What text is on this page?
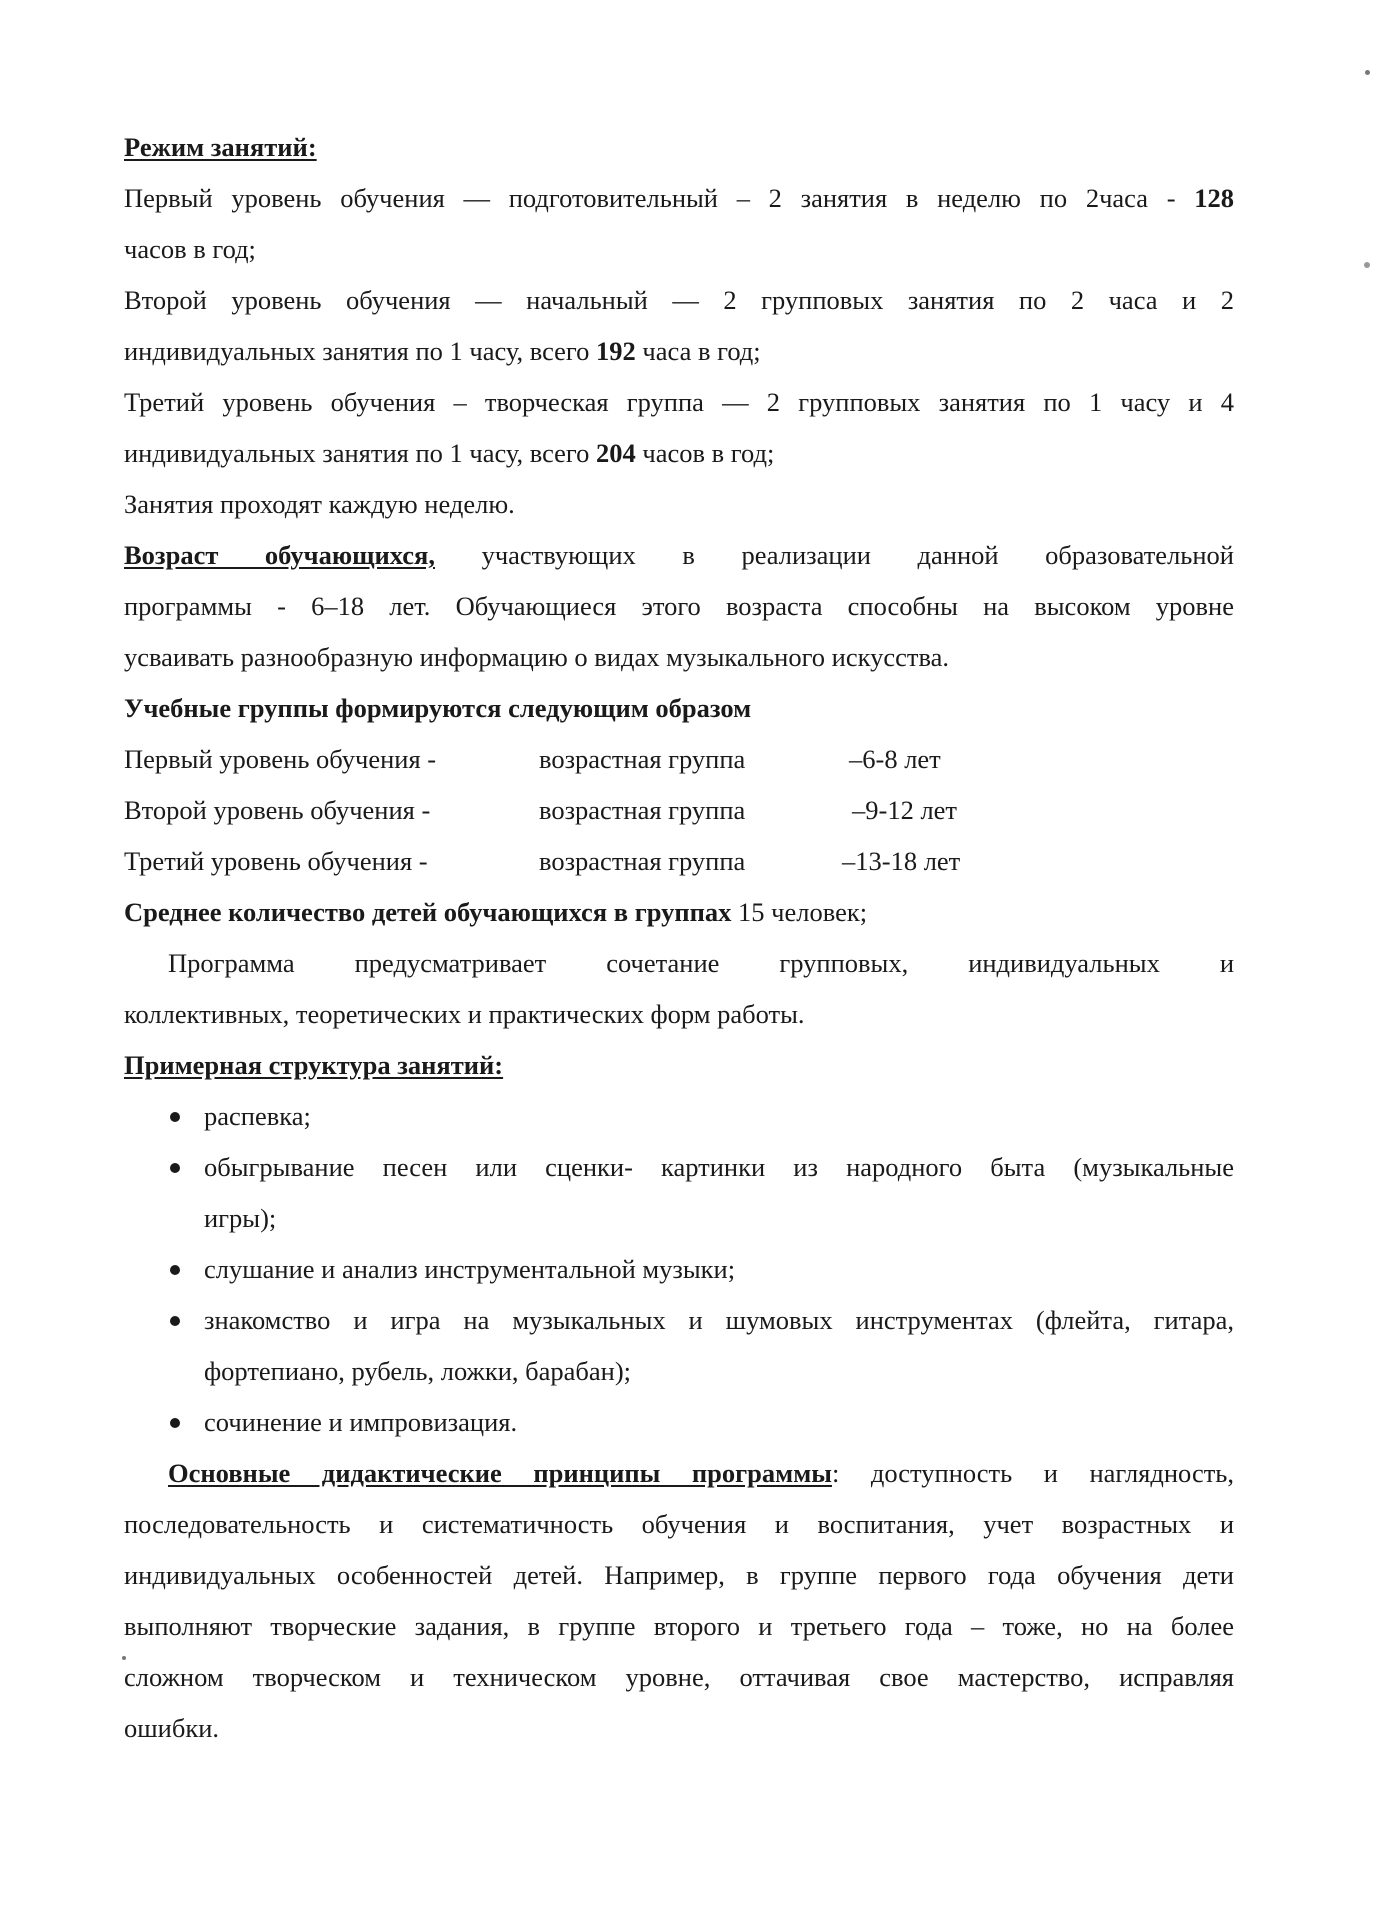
Режим занятий:
Первый уровень обучения — подготовительный – 2 занятия в неделю по 2часа - 128
часов в год;
Второй уровень обучения — начальный — 2 групповых занятия по 2 часа и 2
индивидуальных занятия по 1 часу, всего 192 часа в год;
Третий уровень обучения – творческая группа — 2 групповых занятия по 1 часу и 4
индивидуальных занятия по 1 часу, всего 204 часов в год;
Занятия проходят каждую неделю.
Возраст обучающихся, участвующих в реализации данной образовательной
программы - 6–18 лет. Обучающиеся этого возраста способны на высоком уровне
усваивать разнообразную информацию о видах музыкального искусства.
Учебные группы формируются следующим образом
Первый уровень обучения -	возрастная группа	–6-8 лет
Второй уровень обучения -	возрастная группа	–9-12 лет
Третий уровень обучения -	возрастная группа	–13-18 лет
Среднее количество детей обучающихся в группах 15 человек;
Программа предусматривает сочетание групповых, индивидуальных и
коллективных, теоретических и практических форм работы.
Примерная структура занятий:
распевка;
обыгрывание песен или сценки- картинки из народного быта (музыкальные
игры);
слушание и анализ инструментальной музыки;
знакомство и игра на музыкальных и шумовых инструментах (флейта, гитара,
фортепиано, рубель, ложки, барабан);
сочинение и импровизация.
Основные дидактические принципы программы: доступность и наглядность,
последовательность и систематичность обучения и воспитания, учет возрастных и
индивидуальных особенностей детей. Например, в группе первого года обучения дети
выполняют творческие задания, в группе второго и третьего года – тоже, но на более
сложном творческом и техническом уровне, оттачивая свое мастерство, исправляя
ошибки.
